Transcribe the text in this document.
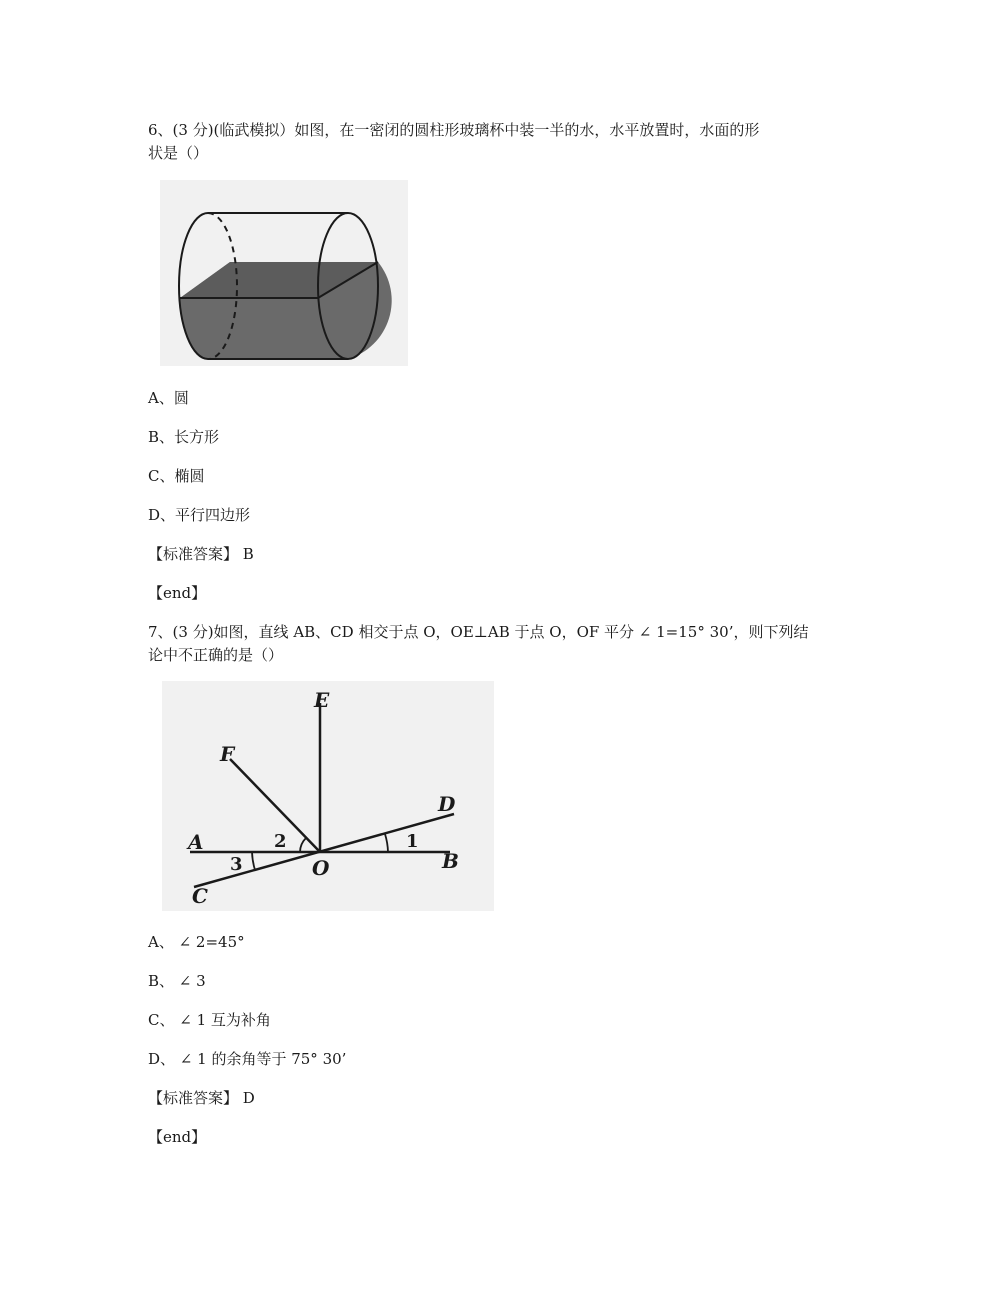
6、(3 分)(临武模拟）如图，在一密闭的圆柱形玻璃杯中装一半的水，水平放置时，水面的形
状是（）
A、圆
B、长方形
C、椭圆
D、平行四边形
【标准答案】 B
【end】
7、(3 分)如图，直线 AB、CD 相交于点 O，OE⊥AB 于点 O，OF 平分 ∠ 1=15° 30’，则下列结
论中不正确的是（）
E
F
D
A
B
C
O
1
2
3
A、 ∠ 2=45°
B、 ∠ 3
C、 ∠ 1 互为补角
D、 ∠ 1 的余角等于 75° 30’
【标准答案】 D
【end】
